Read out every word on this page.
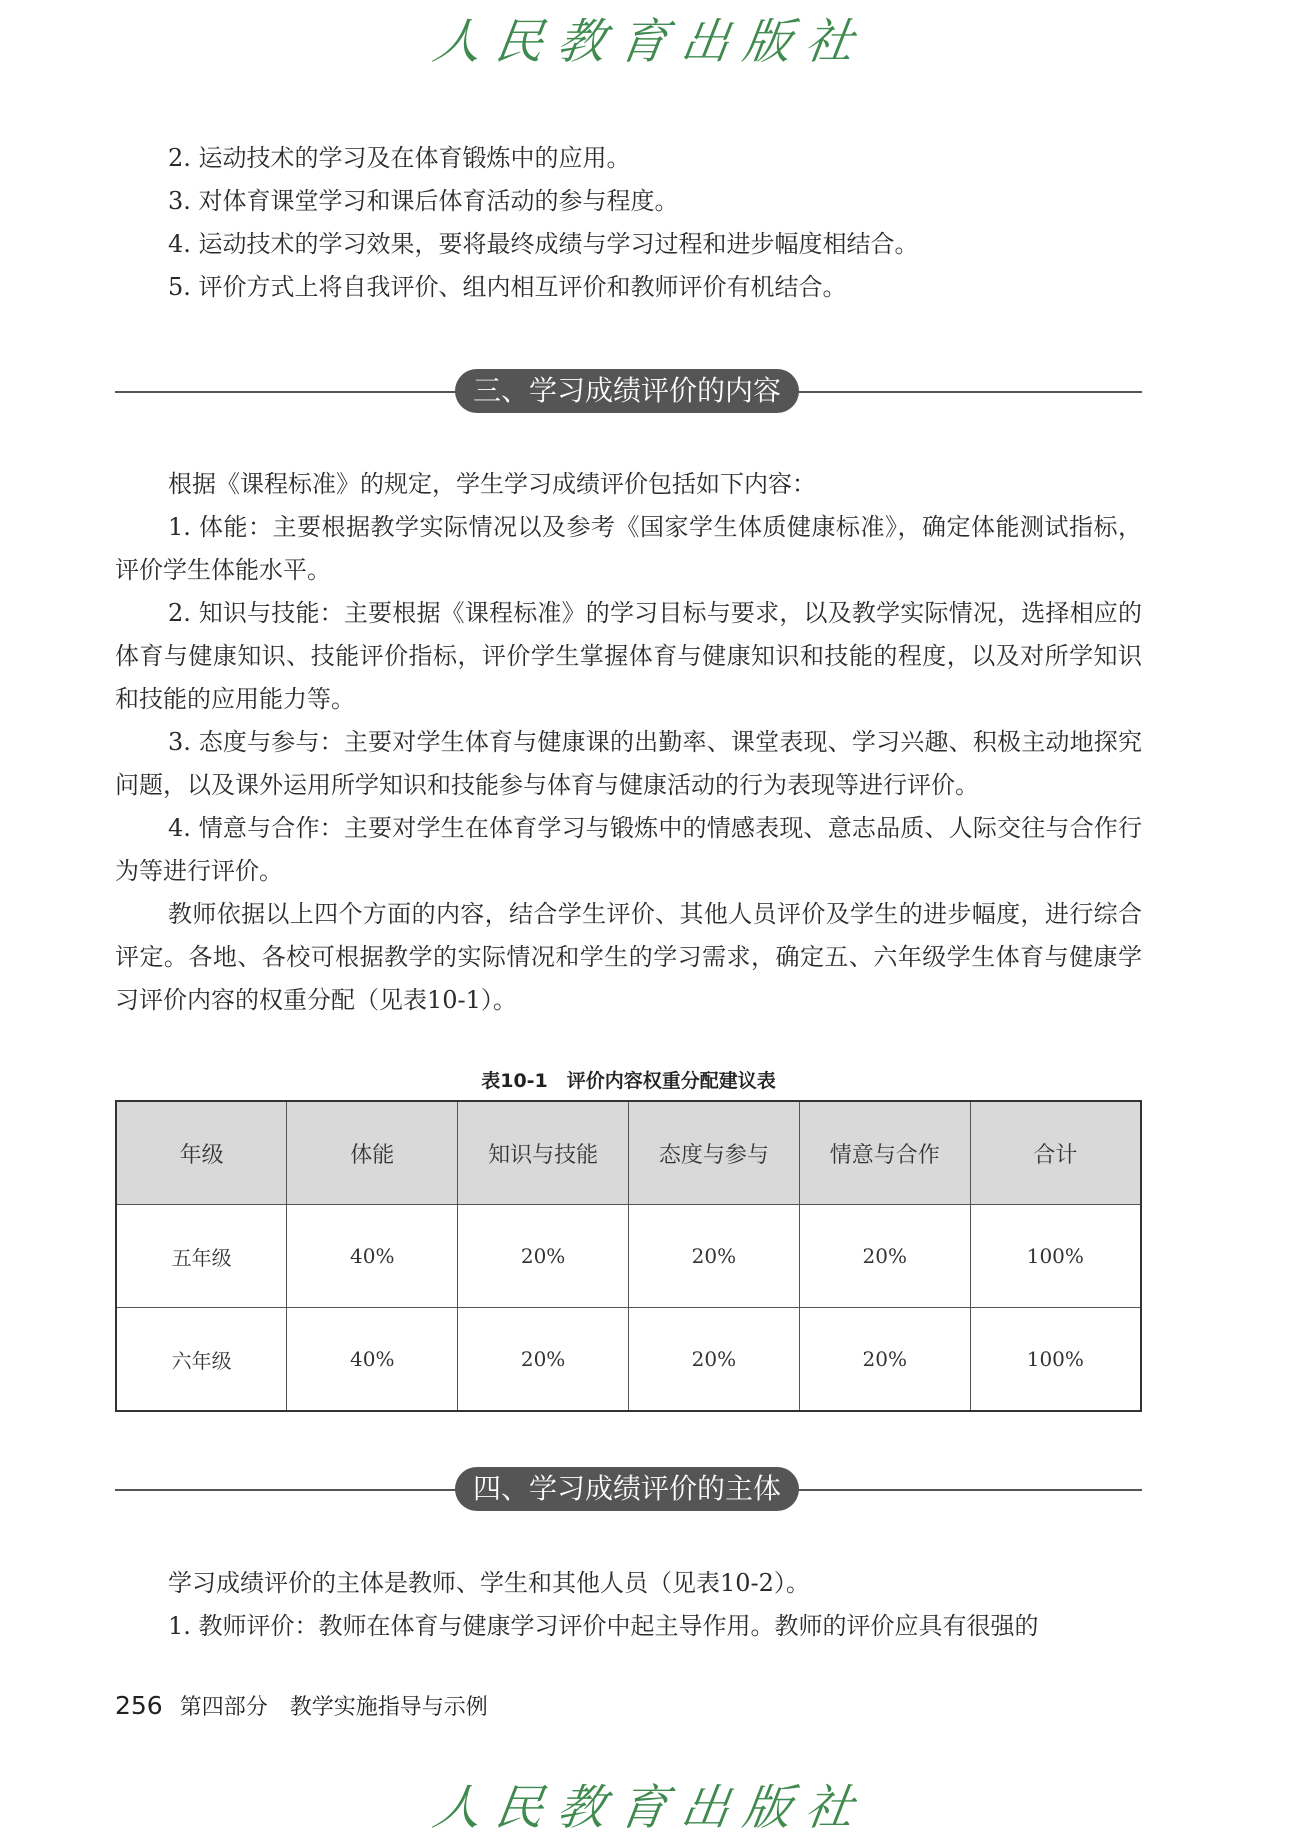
人民教育出版社
2. 运动技术的学习及在体育锻炼中的应用。
3. 对体育课堂学习和课后体育活动的参与程度。
4. 运动技术的学习效果，要将最终成绩与学习过程和进步幅度相结合。
5. 评价方式上将自我评价、组内相互评价和教师评价有机结合。
三、学习成绩评价的内容

根据《课程标准》的规定，学生学习成绩评价包括如下内容：

1. 体能：主要根据教学实际情况以及参考《国家学生体质健康标准》，确定体能测试指标，评价学生体能水平。

2. 知识与技能：主要根据《课程标准》的学习目标与要求，以及教学实际情况，选择相应的体育与健康知识、技能评价指标，评价学生掌握体育与健康知识和技能的程度，以及对所学知识和技能的应用能力等。

3. 态度与参与：主要对学生体育与健康课的出勤率、课堂表现、学习兴趣、积极主动地探究问题，以及课外运用所学知识和技能参与体育与健康活动的行为表现等进行评价。

4. 情意与合作：主要对学生在体育学习与锻炼中的情感表现、意志品质、人际交往与合作行为等进行评价。

教师依据以上四个方面的内容，结合学生评价、其他人员评价及学生的进步幅度，进行综合评定。各地、各校可根据教学的实际情况和学生的学习需求，确定五、六年级学生体育与健康学习评价内容的权重分配（见表10-1）。

表10-1　评价内容权重分配建议表
年级	体能	知识与技能	态度与参与	情意与合作	合计
五年级	40%	20%	20%	20%	100%
六年级	40%	20%	20%	20%	100%
四、学习成绩评价的主体

学习成绩评价的主体是教师、学生和其他人员（见表10-2）。

1. 教师评价：教师在体育与健康学习评价中起主导作用。教师的评价应具有很强的

256 第四部分　教学实施指导与示例
人民教育出版社
